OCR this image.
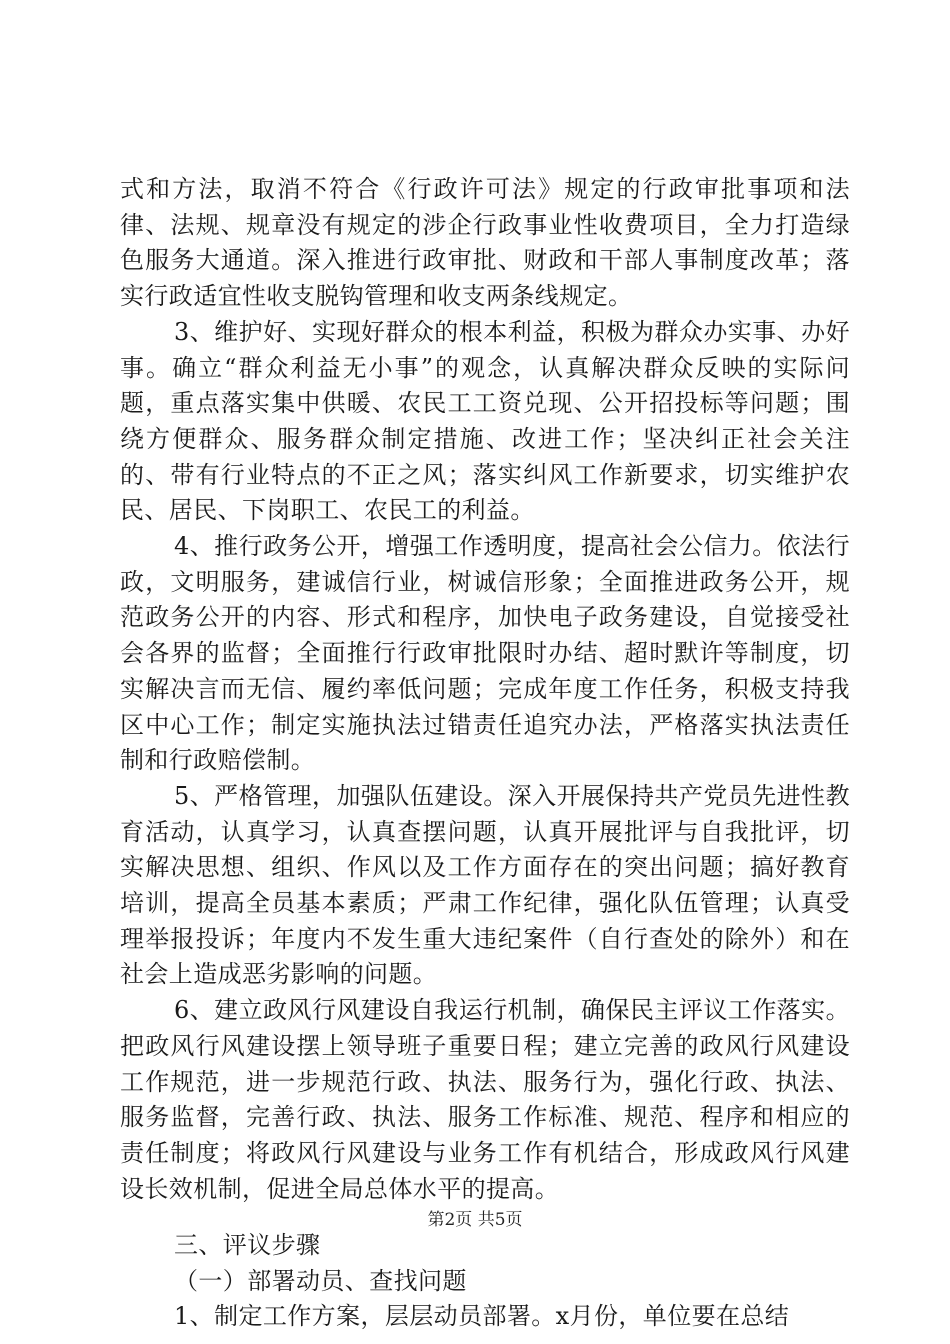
式和方法，取消不符合《行政许可法》规定的行政审批事项和法律、法规、规章没有规定的涉企行政事业性收费项目，全力打造绿色服务大通道。深入推进行政审批、财政和干部人事制度改革；落实行政适宜性收支脱钩管理和收支两条线规定。

3、维护好、实现好群众的根本利益，积极为群众办实事、办好事。确立“群众利益无小事”的观念，认真解决群众反映的实际问题，重点落实集中供暖、农民工工资兑现、公开招投标等问题；围绕方便群众、服务群众制定措施、改进工作；坚决纠正社会关注的、带有行业特点的不正之风；落实纠风工作新要求，切实维护农民、居民、下岗职工、农民工的利益。

4、推行政务公开，增强工作透明度，提高社会公信力。依法行政，文明服务，建诚信行业，树诚信形象；全面推进政务公开，规范政务公开的内容、形式和程序，加快电子政务建设，自觉接受社会各界的监督；全面推行行政审批限时办结、超时默许等制度，切实解决言而无信、履约率低问题；完成年度工作任务，积极支持我区中心工作；制定实施执法过错责任追究办法，严格落实执法责任制和行政赔偿制。

5、严格管理，加强队伍建设。深入开展保持共产党员先进性教育活动，认真学习，认真查摆问题，认真开展批评与自我批评，切实解决思想、组织、作风以及工作方面存在的突出问题；搞好教育培训，提高全员基本素质；严肃工作纪律，强化队伍管理；认真受理举报投诉；年度内不发生重大违纪案件（自行查处的除外）和在社会上造成恶劣影响的问题。

6、建立政风行风建设自我运行机制，确保民主评议工作落实。把政风行风建设摆上领导班子重要日程；建立完善的政风行风建设工作规范，进一步规范行政、执法、服务行为，强化行政、执法、服务监督，完善行政、执法、服务工作标准、规范、程序和相应的责任制度；将政风行风建设与业务工作有机结合，形成政风行风建设长效机制，促进全局总体水平的提高。

三、评议步骤

（一）部署动员、查找问题

1、制定工作方案，层层动员部署。x月份，单位要在总结

第2页 共5页
